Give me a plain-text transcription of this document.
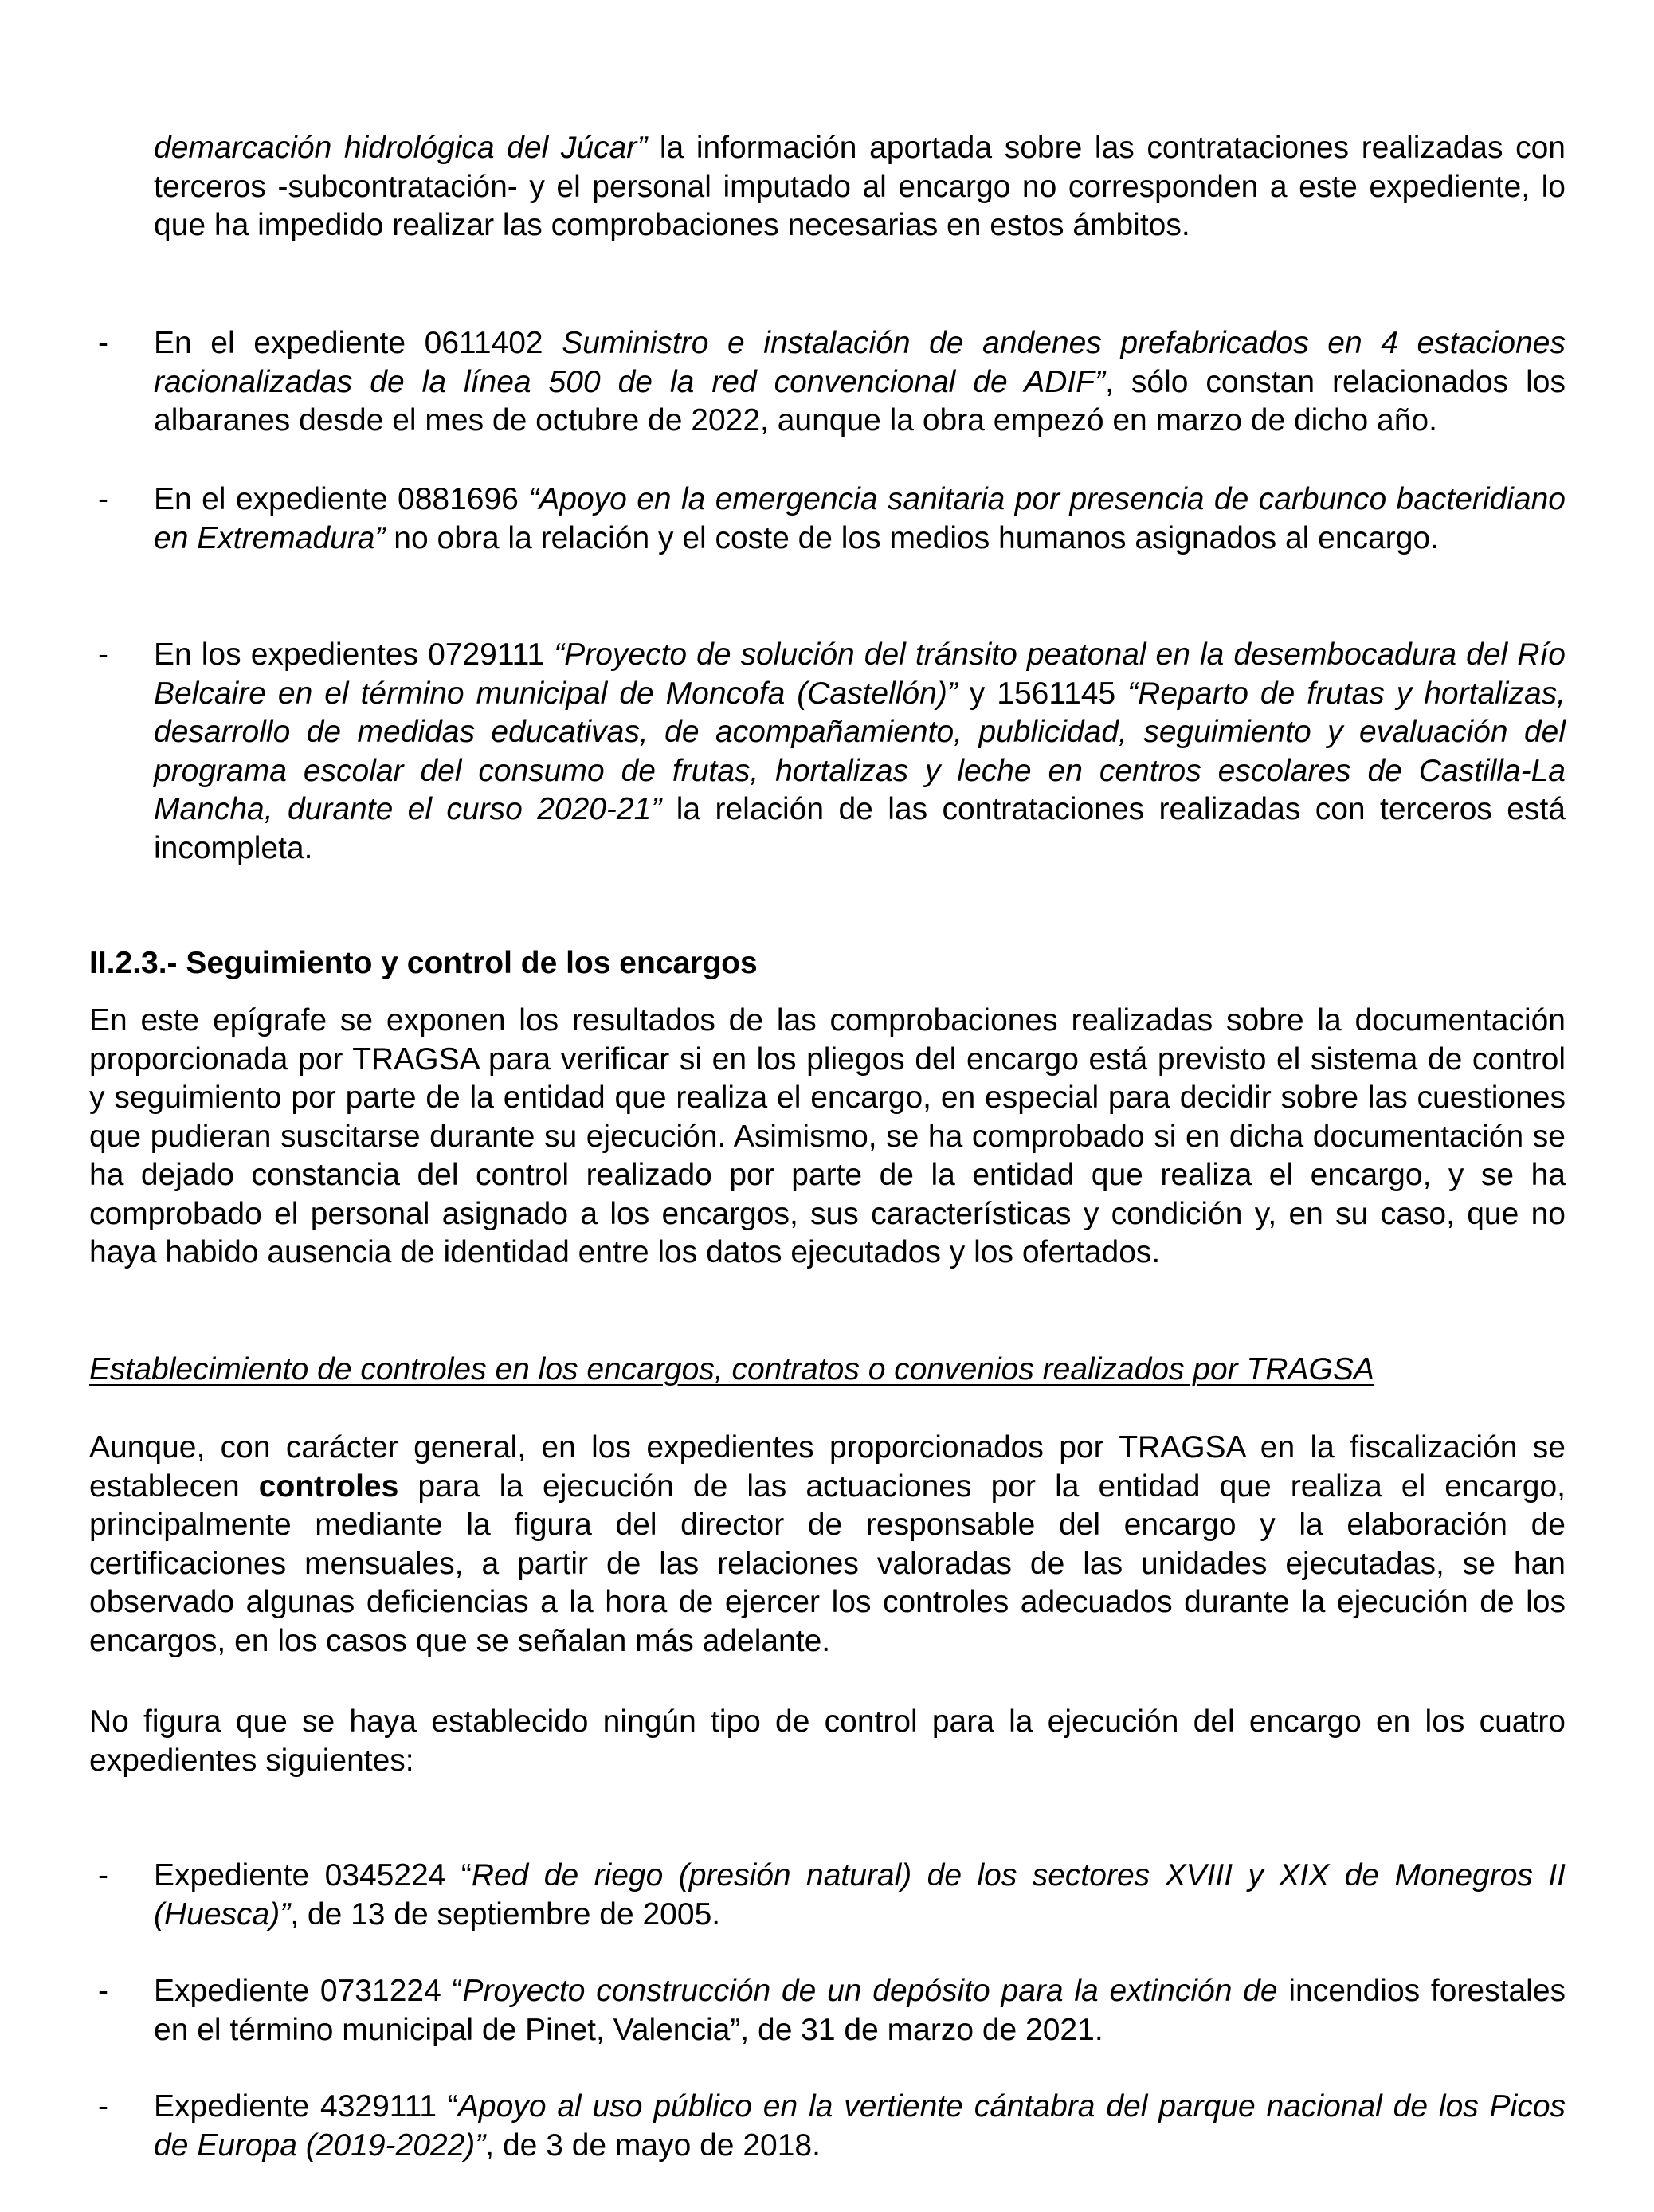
demarcación hidrológica del Júcar” la información aportada sobre las contrataciones realizadas con terceros -subcontratación- y el personal imputado al encargo no corresponden a este expediente, lo que ha impedido realizar las comprobaciones necesarias en estos ámbitos.
- En el expediente 0611402 Suministro e instalación de andenes prefabricados en 4 estaciones racionalizadas de la línea 500 de la red convencional de ADIF”, sólo constan relacionados los albaranes desde el mes de octubre de 2022, aunque la obra empezó en marzo de dicho año.
- En el expediente 0881696 “Apoyo en la emergencia sanitaria por presencia de carbunco bacteridiano en Extremadura” no obra la relación y el coste de los medios humanos asignados al encargo.
- En los expedientes 0729111 “Proyecto de solución del tránsito peatonal en la desembocadura del Río Belcaire en el término municipal de Moncofa (Castellón)” y 1561145 “Reparto de frutas y hortalizas, desarrollo de medidas educativas, de acompañamiento, publicidad, seguimiento y evaluación del programa escolar del consumo de frutas, hortalizas y leche en centros escolares de Castilla-La Mancha, durante el curso 2020-21” la relación de las contrataciones realizadas con terceros está incompleta.
II.2.3.- Seguimiento y control de los encargos
En este epígrafe se exponen los resultados de las comprobaciones realizadas sobre la documentación proporcionada por TRAGSA para verificar si en los pliegos del encargo está previsto el sistema de control y seguimiento por parte de la entidad que realiza el encargo, en especial para decidir sobre las cuestiones que pudieran suscitarse durante su ejecución. Asimismo, se ha comprobado si en dicha documentación se ha dejado constancia del control realizado por parte de la entidad que realiza el encargo, y se ha comprobado el personal asignado a los encargos, sus características y condición y, en su caso, que no haya habido ausencia de identidad entre los datos ejecutados y los ofertados.
Establecimiento de controles en los encargos, contratos o convenios realizados por TRAGSA
Aunque, con carácter general, en los expedientes proporcionados por TRAGSA en la fiscalización se establecen controles para la ejecución de las actuaciones por la entidad que realiza el encargo, principalmente mediante la figura del director de responsable del encargo y la elaboración de certificaciones mensuales, a partir de las relaciones valoradas de las unidades ejecutadas, se han observado algunas deficiencias a la hora de ejercer los controles adecuados durante la ejecución de los encargos, en los casos que se señalan más adelante.
No figura que se haya establecido ningún tipo de control para la ejecución del encargo en los cuatro expedientes siguientes:
- Expediente 0345224 “Red de riego (presión natural) de los sectores XVIII y XIX de Monegros II (Huesca)”, de 13 de septiembre de 2005.
- Expediente 0731224 “Proyecto construcción de un depósito para la extinción de incendios forestales en el término municipal de Pinet, Valencia”, de 31 de marzo de 2021.
- Expediente 4329111 “Apoyo al uso público en la vertiente cántabra del parque nacional de los Picos de Europa (2019-2022)”, de 3 de mayo de 2018.
